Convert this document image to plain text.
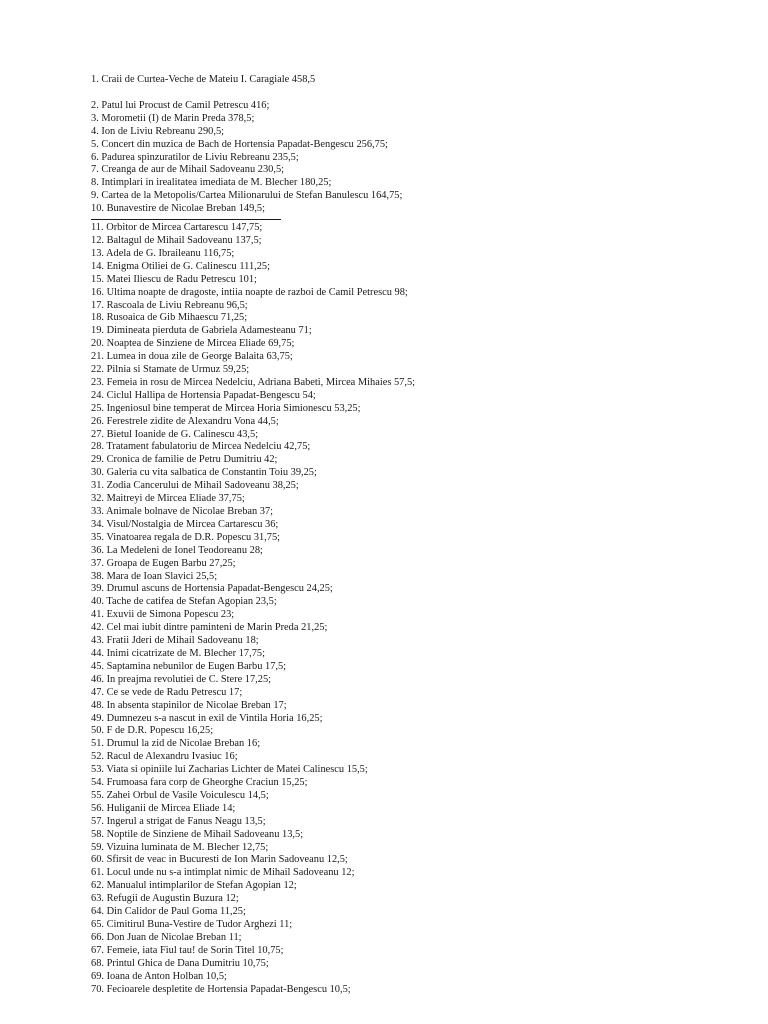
1. Craii de Curtea-Veche de Mateiu I. Caragiale 458,5
2. Patul lui Procust de Camil Petrescu 416;
3. Morometii (I) de Marin Preda 378,5;
4. Ion de Liviu Rebreanu 290,5;
5. Concert din muzica de Bach de Hortensia Papadat-Bengescu 256,75;
6. Padurea spinzuratilor de Liviu Rebreanu 235,5;
7. Creanga de aur de Mihail Sadoveanu 230,5;
8. Intimplari in irealitatea imediata de M. Blecher 180,25;
9. Cartea de la Metopolis/Cartea Milionarului de Stefan Banulescu 164,75;
10. Bunavestire de Nicolae Breban 149,5;
11. Orbitor de Mircea Cartarescu 147,75;
12. Baltagul de Mihail Sadoveanu 137,5;
13. Adela de G. Ibraileanu 116,75;
14. Enigma Otiliei de G. Calinescu 111,25;
15. Matei Iliescu de Radu Petrescu 101;
16. Ultima noapte de dragoste, intiia noapte de razboi de Camil Petrescu 98;
17. Rascoala de Liviu Rebreanu 96,5;
18. Rusoaica de Gib Mihaescu 71,25;
19. Dimineata pierduta de Gabriela Adamesteanu 71;
20. Noaptea de Sinziene de Mircea Eliade 69,75;
21. Lumea in doua zile de George Balaita 63,75;
22. Pilnia si Stamate de Urmuz 59,25;
23. Femeia in rosu de Mircea Nedelciu, Adriana Babeti, Mircea Mihaies 57,5;
24. Ciclul Hallipa de Hortensia Papadat-Bengescu 54;
25. Ingeniosul bine temperat de Mircea Horia Simionescu 53,25;
26. Ferestrele zidite de Alexandru Vona 44,5;
27. Bietul Ioanide de G. Calinescu 43,5;
28. Tratament fabulatoriu de Mircea Nedelciu 42,75;
29. Cronica de familie de Petru Dumitriu 42;
30. Galeria cu vita salbatica de Constantin Toiu 39,25;
31. Zodia Cancerului de Mihail Sadoveanu 38,25;
32. Maitreyi de Mircea Eliade 37,75;
33. Animale bolnave de Nicolae Breban 37;
34. Visul/Nostalgia de Mircea Cartarescu 36;
35. Vinatoarea regala de D.R. Popescu 31,75;
36. La Medeleni de Ionel Teodoreanu 28;
37. Groapa de Eugen Barbu 27,25;
38. Mara de Ioan Slavici 25,5;
39. Drumul ascuns de Hortensia Papadat-Bengescu 24,25;
40. Tache de catifea de Stefan Agopian 23,5;
41. Exuvii de Simona Popescu 23;
42. Cel mai iubit dintre paminteni de Marin Preda 21,25;
43. Fratii Jderi de Mihail Sadoveanu 18;
44. Inimi cicatrizate de M. Blecher 17,75;
45. Saptamina nebunilor de Eugen Barbu 17,5;
46. In preajma revolutiei de C. Stere 17,25;
47. Ce se vede de Radu Petrescu 17;
48. In absenta stapinilor de Nicolae Breban 17;
49. Dumnezeu s-a nascut in exil de Vintila Horia 16,25;
50. F de D.R. Popescu 16,25;
51. Drumul la zid de Nicolae Breban 16;
52. Racul de Alexandru Ivasiuc 16;
53. Viata si opiniile lui Zacharias Lichter de Matei Calinescu 15,5;
54. Frumoasa fara corp de Gheorghe Craciun 15,25;
55. Zahei Orbul de Vasile Voiculescu 14,5;
56. Huliganii de Mircea Eliade 14;
57. Ingerul a strigat de Fanus Neagu 13,5;
58. Noptile de Sinziene de Mihail Sadoveanu 13,5;
59. Vizuina luminata de M. Blecher 12,75;
60. Sfirsit de veac in Bucuresti de Ion Marin Sadoveanu 12,5;
61. Locul unde nu s-a intimplat nimic de Mihail Sadoveanu 12;
62. Manualul intimplarilor de Stefan Agopian 12;
63. Refugii de Augustin Buzura 12;
64. Din Calidor de Paul Goma 11,25;
65. Cimitirul Buna-Vestire de Tudor Arghezi 11;
66. Don Juan de Nicolae Breban 11;
67. Femeie, iata Fiul tau! de Sorin Titel 10,75;
68. Printul Ghica de Dana Dumitriu 10,75;
69. Ioana de Anton Holban 10,5;
70. Fecioarele despletite de Hortensia Papadat-Bengescu 10,5;
